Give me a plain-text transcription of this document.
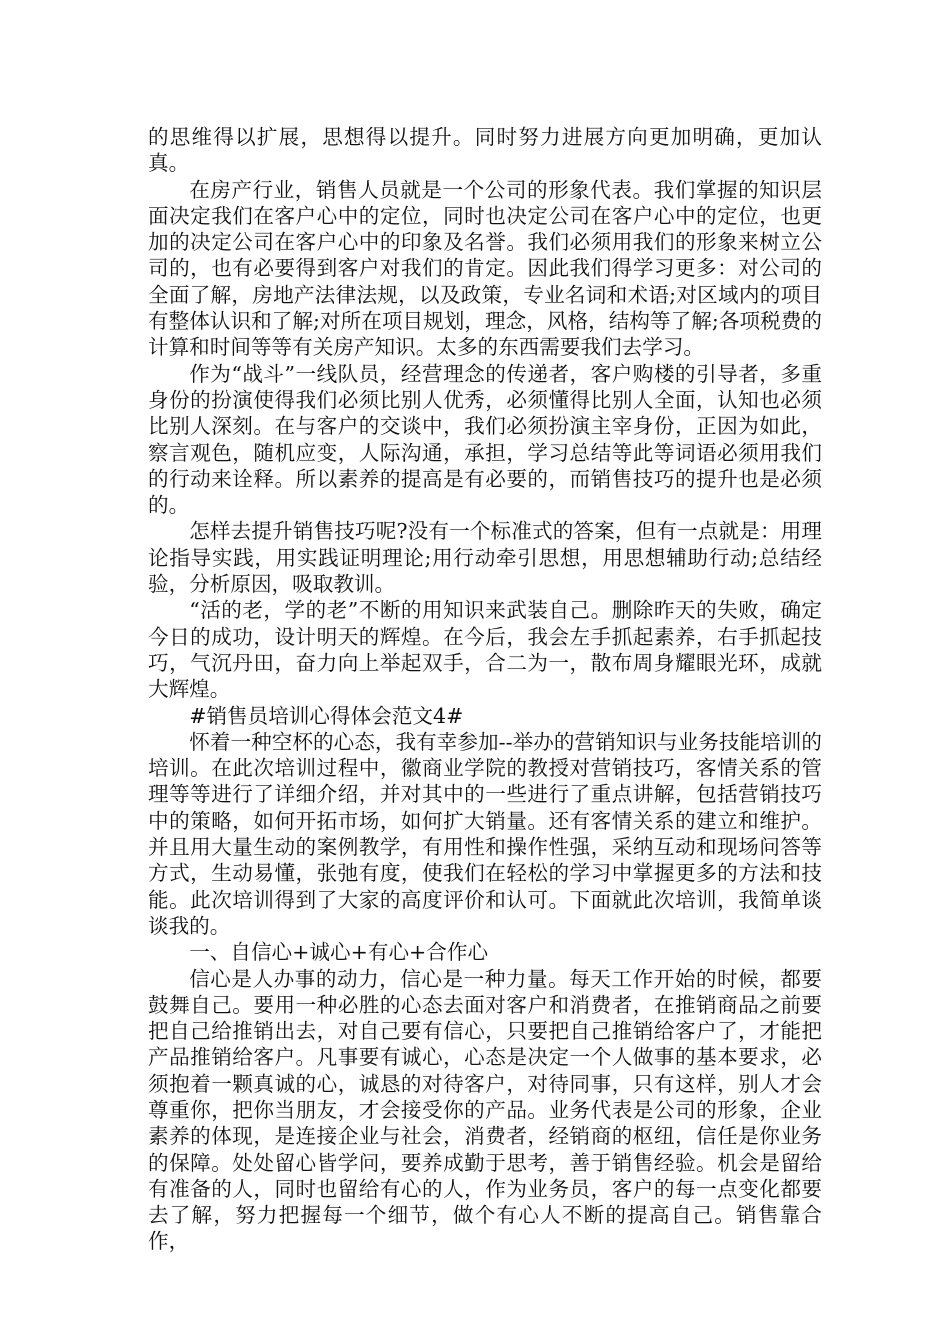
的思维得以扩展，思想得以提升。同时努力进展方向更加明确，更加认真。

在房产行业，销售人员就是一个公司的形象代表。我们掌握的知识层面决定我们在客户心中的定位，同时也决定公司在客户心中的定位，也更加的决定公司在客户心中的印象及名誉。我们必须用我们的形象来树立公司的，也有必要得到客户对我们的肯定。因此我们得学习更多：对公司的全面了解，房地产法律法规，以及政策，专业名词和术语;对区域内的项目有整体认识和了解;对所在项目规划，理念，风格，结构等了解;各项税费的计算和时间等等有关房产知识。太多的东西需要我们去学习。

作为“战斗”一线队员，经营理念的传递者，客户购楼的引导者，多重身份的扮演使得我们必须比别人优秀，必须懂得比别人全面，认知也必须比别人深刻。在与客户的交谈中，我们必须扮演主宰身份，正因为如此，察言观色，随机应变，人际沟通，承担，学习总结等此等词语必须用我们的行动来诠释。所以素养的提高是有必要的，而销售技巧的提升也是必须的。

怎样去提升销售技巧呢?没有一个标准式的答案，但有一点就是：用理论指导实践，用实践证明理论;用行动牵引思想，用思想辅助行动;总结经验，分析原因，吸取教训。

“活的老，学的老”不断的用知识来武装自己。删除昨天的失败，确定今日的成功，设计明天的辉煌。在今后，我会左手抓起素养，右手抓起技巧，气沉丹田，奋力向上举起双手，合二为一，散布周身耀眼光环，成就大辉煌。

#销售员培训心得体会范文4#

怀着一种空杯的心态，我有幸参加--举办的营销知识与业务技能培训的培训。在此次培训过程中，徽商业学院的教授对营销技巧，客情关系的管理等等进行了详细介绍，并对其中的一些进行了重点讲解，包括营销技巧中的策略，如何开拓市场，如何扩大销量。还有客情关系的建立和维护。并且用大量生动的案例教学，有用性和操作性强，采纳互动和现场问答等方式，生动易懂，张弛有度，使我们在轻松的学习中掌握更多的方法和技能。此次培训得到了大家的高度评价和认可。下面就此次培训，我简单谈谈我的。

一、自信心+诚心+有心+合作心

信心是人办事的动力，信心是一种力量。每天工作开始的时候，都要鼓舞自己。要用一种必胜的心态去面对客户和消费者，在推销商品之前要把自己给推销出去，对自己要有信心，只要把自己推销给客户了，才能把产品推销给客户。凡事要有诚心，心态是决定一个人做事的基本要求，必须抱着一颗真诚的心，诚恳的对待客户，对待同事，只有这样，别人才会尊重你，把你当朋友，才会接受你的产品。业务代表是公司的形象，企业素养的体现，是连接企业与社会，消费者，经销商的枢纽，信任是你业务的保障。处处留心皆学问，要养成勤于思考，善于销售经验。机会是留给有准备的人，同时也留给有心的人，作为业务员，客户的每一点变化都要去了解，努力把握每一个细节，做个有心人不断的提高自己。销售靠合作，
